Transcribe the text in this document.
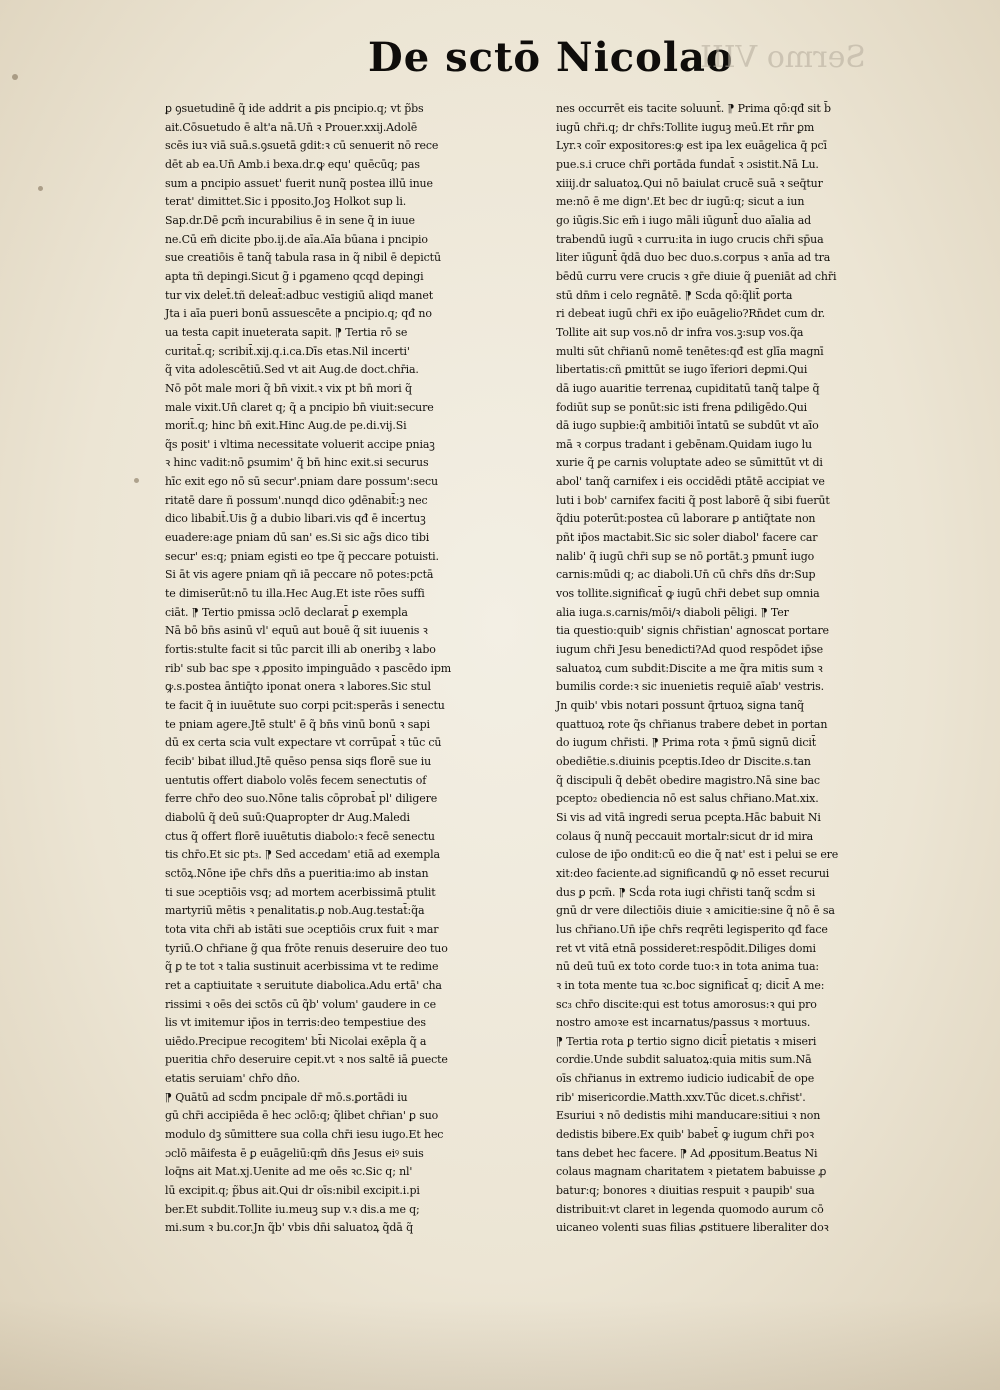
De sctō Nicolao
Sermo VIII

ꝑ ꝯsuetudinē q̃ ide addrit a ꝑis pncipio.q; vt p̃bs

ait.Cōsuetudo ē alt'a nā.Un̄ ꝛ Prouer.xxij.Adolē

scēs iuꝛ viā suā.s.ꝯsuetā gdit:ꝛ cū senuerit nō rece

dēt ab ea.Un̄ Amb.i bexa.dr.ꝙ equ' quēcūq; pas

sum a pncipio assuet' fuerit nunq̃ postea illū inue

terat' dimittet.Sic i pposito.Joꝫ Holkot sup li.

Sap.dr.Dē ꝑcm̄ incurabilius ē in sene q̃ in iuue

ne.Cū em̄ dicite pbo.ij.de aīa.Aīa būana i pncipio

sue creatiōis ē tanq̃ tabula rasa in q̃ nibil ē depictū

apta tñ depingi.Sicut g̃ i ꝑgameno qcqd depingi

tur vix delet̄.tñ deleat̄:adbuc vestigiū aliqd manet

Jta i aīa pueri bonū assuescēte a pncipio.q; qđ no

ua testa capit inueterata sapit. ⁋ Tertia rō se

curitat̄.q; scribit̄.xij.q.i.ca.Dīs etas.Nil incerti'

q̃ vita adolescētiū.Sed vt ait Aug.de doct.chr̄ia.

Nō pōt male mori q̃ bn̄ vixit.ꝛ vix pt bn̄ mori q̃

male vixit.Un̄ claret q; q̃ a pncipio bn̄ viuit:secure

morit̄.q; hinc bn̄ exit.Hinc Aug.de pe.di.vij.Si

q̃s posit' i vltima necessitate voluerit accipe pniaꝫ

ꝛ hinc vadit:nō ꝑsumim' q̃ bn̄ hinc exit.si securus

hīc exit ego nō sū secur'.pniam dare possum':secu

ritatē dare ñ possum'.nunqd dico ꝯdēnabit̄:ꝫ nec

dico libabit̄.Uis g̃ a dubio libari.vis qđ ē incertuꝫ

euadere:age pniam dū san' es.Si sic ag̃s dico tibi

secur' es:q; pniam egisti eo tpe q̃ peccare potuisti.

Si āt vis agere pniam qñ iā peccare nō potes:pctā

te dimiserūt:nō tu illa.Hec Aug.Et iste rōes suffi

ciāt. ⁋ Tertio pmissa ɔclō declarat̄ ꝑ exempla

Nā bō bn̄s asinū vl' equū aut bouē q̃ sit iuuenis ꝛ

fortis:stulte facit si tūc parcit illi ab oneribꝫ ꝛ labo

rib' sub bac spe ꝛ ꝓposito impinguādo ꝛ pascēdo ipm

ꝙ.s.postea āntiq̄to iponat onera ꝛ labores.Sic stul

te facit q̃ in iuuētute suo corpi pcit:sperās i senectu

te pniam agere.Jtē stult' ē q̃ bn̄s vinū bonū ꝛ sapi

dū ex certa scia vult expectare vt corrūpat̄ ꝛ tūc cū

fecib' bibat illud.Jtē quēso pensa siqs florē sue iu

uentutis offert diabolo volēs fecem senectutis of

ferre chr̄o deo suo.Nōne talis cōprobat̄ pl' diligere

diabolū q̃ deū suū:Quapropter dr Aug.Maledi

ctus q̃ offert florē iuuētutis diabolo:ꝛ fecē senectu

tis chr̄o.Et sic pt₃. ⁋ Sed accedam' etiā ad exempla

sctōꝝ.Nōne ip̄e chr̄s dn̄s a pueritia:imo ab instan

ti sue ɔceptiōis vsq; ad mortem acerbissimā ptulit

martyriū mētis ꝛ penalitatis.ꝑ nob.Aug.testat̄:q̃a

tota vita chr̄i ab istāti sue ɔceptiōis crux fuit ꝛ mar

tyriū.O chr̄iane g̃ qua frōte renuis deseruire deo tuo

q̃ ꝑ te tot ꝛ talia sustinuit acerbissima vt te redime

ret a captiuitate ꝛ seruitute diabolica.Adu ertā' cha

rissimi ꝛ oēs dei sctōs cū q̃b' volum' gaudere in ce

lis vt imitemur ip̄os in terris:deo tempestiue des

uiēdo.Precipue recogitem' bt̄i Nicolai exēpla q̃ a

pueritia chr̄o deseruire cepit.vt ꝛ nos saltē iā ꝑuecte

etatis seruiam' chr̄o dn̄o.

⁋ Quātū ad scḋm pncipale dr̄ mō.s.ꝑortādi iu

gū chr̄i accipiēda ē hec ɔclō:q; q̃libet chr̄ian' ꝑ suo

modulo dꝫ sūmittere sua colla chr̄i iesu iugo.Et hec

ɔclō māifesta ē ꝑ euāgeliū:qm̄ dn̄s Jesus eiꝰ suis

loq̄ns ait Mat.xj.Uenite ad me oēs ꝛc.Sic q; nl'

lū excipit.q; p̃bus ait.Qui dr oīs:nibil excipit.i.pi

ber.Et subdit.Tollite iu.meuꝫ sup v.ꝛ dis.a me q;

mi.sum ꝛ bu.cor.Jn q̃b' vbis dn̄i saluatoꝝ q̃dā q̃

nes occurrēt eis tacite soluunt̄. ⁋ Prima qō:qđ sit b̄

iugū chr̄i.q; dr chr̄s:Tollite iuguꝫ meū.Et rn̄r ꝑm

Lyr.ꝛ coīr expositores:ꝙ est ipa lex euāgelica q̄ pcī

pue.s.i cruce chr̄i ꝑortāda fundat̄ ꝛ ɔsistit.Nā Lu.

xiiij.dr saluatoꝝ.Qui nō baiulat crucē suā ꝛ seq̄tur

me:nō ē me dign'.Et bec dr iugū:q; sicut a iun

go iūgis.Sic em̄ i iugo māli iūgunt̄ duo aīalia ad

trabendū iugū ꝛ curru:ita in iugo crucis chr̄i sp̄ua

liter iūgunt̄ q̄dā duo bec duo.s.corpus ꝛ anīa ad tra

bēdū curru vere crucis ꝛ gr̄e diuie q̃ ꝑueniāt ad chr̄i

stū dn̄m i celo regnātē. ⁋ Scḋa qō:q̃lit̄ ꝑorta

ri debeat iugū chr̄i ex ip̄o euāgelio?Rn̄det cum dr.

Tollite ait sup vos.nō dr infra vos.ꝫ:sup vos.q̃a

multi sūt chr̄ianū nomē tenētes:qđ est glīa magnī

libertatis:cñ ꝑmittūt se iugo īferiori deꝑmi.Qui

dā iugo auaritie terrenaꝝ cupiditatū tanq̃ talpe q̃

fodiūt sup se ponūt:sic isti frena ꝑdiligēdo.Qui

dā iugo supbie:q̃ ambitiōi īntatū se subdūt vt aīo

mā ꝛ corpus tradant i gebēnam.Quidam iugo lu

xurie q̃ ꝑe carnis voluptate adeo se sūmittūt vt di

abol' tanq̃ carnifex i eis occidēdi ptātē accipiat ve

luti i bob' carnifex faciti q̃ post laborē q̃ sibi fuerūt

q̃diu poterūt:postea cū laborare ꝑ antiq̄tate non

pñt ip̄os mactabit.Sic sic soler diabol' facere car

nalib' q̃ iugū chr̄i sup se nō ꝑortāt.ꝫ pmunt̄ iugo

carnis:mūdi q; ac diaboli.Un̄ cū chr̄s dn̄s dr:Sup

vos tollite.significat̄ ꝙ iugū chr̄i debet sup omnia

alia iuga.s.carnis/mōi/ꝛ diaboli pēligi. ⁋ Ter

tia questio:quib' signis chr̄istian' agnoscat portare

iugum chr̄i Jesu benedicti?Ad quod respōdet ip̄se

saluatoꝝ cum subdit:Discite a me q̃ra mitis sum ꝛ

bumilis corde:ꝛ sic inuenietis requiē aīab' vestris.

Jn quib' vbis notari possunt q̄rtuoꝝ signa tanq̃

quattuoꝝ rote q̃s chr̄ianus trabere debet in portan

do iugum chr̄isti. ⁋ Prima rota ꝛ p̄mū signū dicit̄

obediētie.s.diuinis pceptis.Ideo dr Discite.s.tan

q̃ discipuli q̃ debēt obedire magistro.Nā sine bac

pcepto₂ obediencia nō est salus chr̄iano.Mat.xix.

Si vis ad vitā ingredi serua pcepta.Hāc babuit Ni

colaus q̃ nunq̃ peccauit mortalr:sicut dr id mira

culose de ip̄o ondit:cū eo die q̃ nat' est i pelui se ere

xit:deo faciente.ad significandū ꝙ nō esset recurui

dus ꝑ pcm̄. ⁋ Scḋa rota iugi chr̄isti tanq̃ scḋm si

gnū dr vere dilectiōis diuie ꝛ amicitie:sine q̃ nō ē sa

lus chr̄iano.Un̄ ip̄e chr̄s reqrēti legisperito qđ face

ret vt vitā etnā possideret:respōdit.Diliges domi

nū deū tuū ex toto corde tuo:ꝛ in tota anima tua:

ꝛ in tota mente tua ꝛc.boc significat̄ q; dicit̄ A me:

sc₃ chr̄o discite:qui est totus amorosus:ꝛ qui pro

nostro amoꝛe est incarnatus/passus ꝛ mortuus.

⁋ Tertia rota ꝑ tertio signo dicit̄ pietatis ꝛ miseri

cordie.Unde subdit saluatoꝝ:quia mitis sum.Nā

oīs chr̄ianus in extremo iudicio iudicabit̄ de ope

rib' misericordie.Matth.xxv.Tūc dicet.s.chr̄ist'.

Esuriui ꝛ nō dedistis mihi manducare:sitiui ꝛ non

dedistis bibere.Ex quib' babet̄ ꝙ iugum chr̄i poꝛ

tans debet hec facere. ⁋ Ad ꝓpositum.Beatus Ni

colaus magnam charitatem ꝛ pietatem babuisse ꝓ

batur:q; bonores ꝛ diuitias respuit ꝛ paupib' sua

distribuit:vt claret in legenda quomodo aurum cō

uicaneo volenti suas filias ꝓstituere liberaliter doꝛ
